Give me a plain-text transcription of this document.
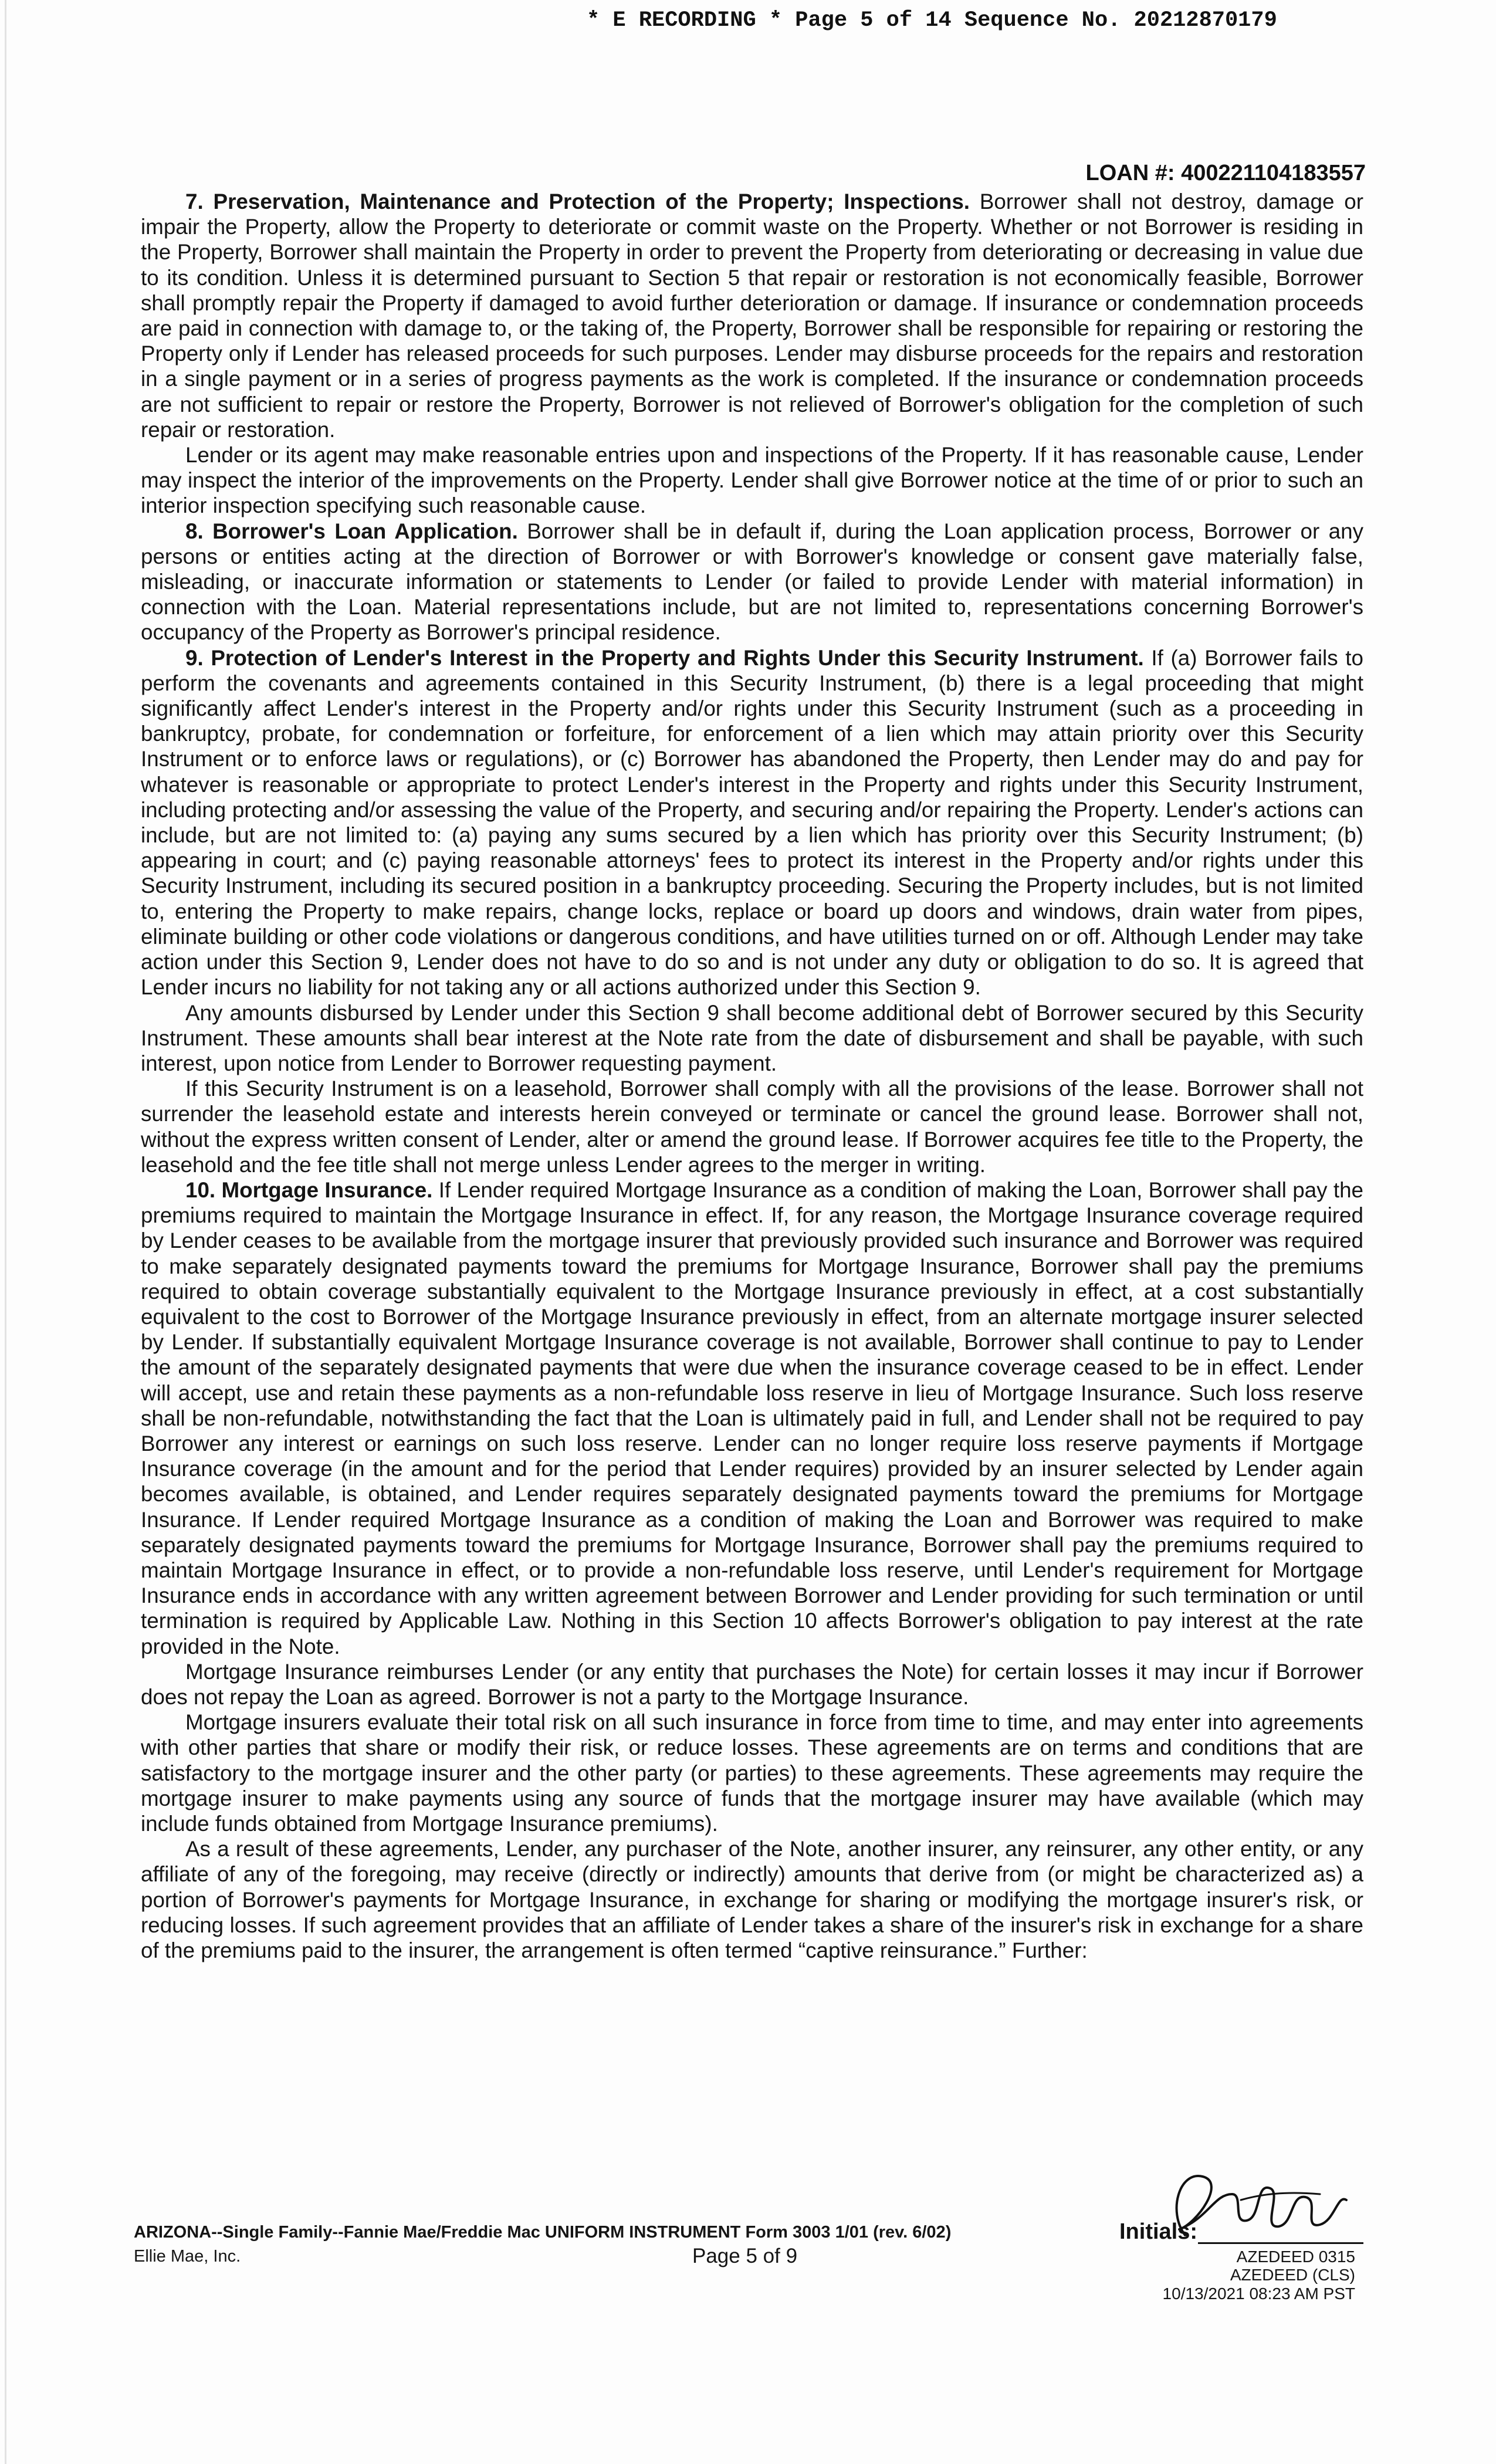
* E RECORDING * Page 5 of 14 Sequence No. 20212870179
LOAN #: 400221104183557

7. Preservation, Maintenance and Protection of the Property; Inspections. Borrower shall not destroy, damage or impair the Property, allow the Property to deteriorate or commit waste on the Property. Whether or not Borrower is residing in the Property, Borrower shall maintain the Property in order to prevent the Property from deteriorating or decreasing in value due to its condition. Unless it is determined pursuant to Section 5 that repair or restoration is not economically feasible, Borrower shall promptly repair the Property if damaged to avoid further deterioration or damage. If insurance or condemnation proceeds are paid in connection with damage to, or the taking of, the Property, Borrower shall be responsible for repairing or restoring the Property only if Lender has released proceeds for such purposes. Lender may disburse proceeds for the repairs and restoration in a single payment or in a series of progress payments as the work is completed. If the insurance or condemnation proceeds are not sufficient to repair or restore the Property, Borrower is not relieved of Borrower's obligation for the completion of such repair or restoration.

Lender or its agent may make reasonable entries upon and inspections of the Property. If it has reasonable cause, Lender may inspect the interior of the improvements on the Property. Lender shall give Borrower notice at the time of or prior to such an interior inspection specifying such reasonable cause.

8. Borrower's Loan Application. Borrower shall be in default if, during the Loan application process, Borrower or any persons or entities acting at the direction of Borrower or with Borrower's knowledge or consent gave materially false, misleading, or inaccurate information or statements to Lender (or failed to provide Lender with material information) in connection with the Loan. Material representations include, but are not limited to, representations concerning Borrower's occupancy of the Property as Borrower's principal residence.

9. Protection of Lender's Interest in the Property and Rights Under this Security Instrument. If (a) Borrower fails to perform the covenants and agreements contained in this Security Instrument, (b) there is a legal proceeding that might significantly affect Lender's interest in the Property and/or rights under this Security Instrument (such as a proceeding in bankruptcy, probate, for condemnation or forfeiture, for enforcement of a lien which may attain priority over this Security Instrument or to enforce laws or regulations), or (c) Borrower has abandoned the Property, then Lender may do and pay for whatever is reasonable or appropriate to protect Lender's interest in the Property and rights under this Security Instrument, including protecting and/or assessing the value of the Property, and securing and/or repairing the Property. Lender's actions can include, but are not limited to: (a) paying any sums secured by a lien which has priority over this Security Instrument; (b) appearing in court; and (c) paying reasonable attorneys' fees to protect its interest in the Property and/or rights under this Security Instrument, including its secured position in a bankruptcy proceeding. Securing the Property includes, but is not limited to, entering the Property to make repairs, change locks, replace or board up doors and windows, drain water from pipes, eliminate building or other code violations or dangerous conditions, and have utilities turned on or off. Although Lender may take action under this Section 9, Lender does not have to do so and is not under any duty or obligation to do so. It is agreed that Lender incurs no liability for not taking any or all actions authorized under this Section 9.

Any amounts disbursed by Lender under this Section 9 shall become additional debt of Borrower secured by this Security Instrument. These amounts shall bear interest at the Note rate from the date of disbursement and shall be payable, with such interest, upon notice from Lender to Borrower requesting payment.

If this Security Instrument is on a leasehold, Borrower shall comply with all the provisions of the lease. Borrower shall not surrender the leasehold estate and interests herein conveyed or terminate or cancel the ground lease. Borrower shall not, without the express written consent of Lender, alter or amend the ground lease. If Borrower acquires fee title to the Property, the leasehold and the fee title shall not merge unless Lender agrees to the merger in writing.

10. Mortgage Insurance. If Lender required Mortgage Insurance as a condition of making the Loan, Borrower shall pay the premiums required to maintain the Mortgage Insurance in effect. If, for any reason, the Mortgage Insurance coverage required by Lender ceases to be available from the mortgage insurer that previously provided such insurance and Borrower was required to make separately designated payments toward the premiums for Mortgage Insurance, Borrower shall pay the premiums required to obtain coverage substantially equivalent to the Mortgage Insurance previously in effect, at a cost substantially equivalent to the cost to Borrower of the Mortgage Insurance previously in effect, from an alternate mortgage insurer selected by Lender. If substantially equivalent Mortgage Insurance coverage is not available, Borrower shall continue to pay to Lender the amount of the separately designated payments that were due when the insurance coverage ceased to be in effect. Lender will accept, use and retain these payments as a non-refundable loss reserve in lieu of Mortgage Insurance. Such loss reserve shall be non-refundable, notwithstanding the fact that the Loan is ultimately paid in full, and Lender shall not be required to pay Borrower any interest or earnings on such loss reserve. Lender can no longer require loss reserve payments if Mortgage Insurance coverage (in the amount and for the period that Lender requires) provided by an insurer selected by Lender again becomes available, is obtained, and Lender requires separately designated payments toward the premiums for Mortgage Insurance. If Lender required Mortgage Insurance as a condition of making the Loan and Borrower was required to make separately designated payments toward the premiums for Mortgage Insurance, Borrower shall pay the premiums required to maintain Mortgage Insurance in effect, or to provide a non-refundable loss reserve, until Lender's requirement for Mortgage Insurance ends in accordance with any written agreement between Borrower and Lender providing for such termination or until termination is required by Applicable Law. Nothing in this Section 10 affects Borrower's obligation to pay interest at the rate provided in the Note.

Mortgage Insurance reimburses Lender (or any entity that purchases the Note) for certain losses it may incur if Borrower does not repay the Loan as agreed. Borrower is not a party to the Mortgage Insurance.

Mortgage insurers evaluate their total risk on all such insurance in force from time to time, and may enter into agreements with other parties that share or modify their risk, or reduce losses. These agreements are on terms and conditions that are satisfactory to the mortgage insurer and the other party (or parties) to these agreements. These agreements may require the mortgage insurer to make payments using any source of funds that the mortgage insurer may have available (which may include funds obtained from Mortgage Insurance premiums).

As a result of these agreements, Lender, any purchaser of the Note, another insurer, any reinsurer, any other entity, or any affiliate of any of the foregoing, may receive (directly or indirectly) amounts that derive from (or might be characterized as) a portion of Borrower's payments for Mortgage Insurance, in exchange for sharing or modifying the mortgage insurer's risk, or reducing losses. If such agreement provides that an affiliate of Lender takes a share of the insurer's risk in exchange for a share of the premiums paid to the insurer, the arrangement is often termed “captive reinsurance.” Further:

ARIZONA--Single Family--Fannie Mae/Freddie Mac UNIFORM INSTRUMENT Form 3003 1/01 (rev. 6/02)
Ellie Mae, Inc.	Page 5 of 9
Initials:
AZEDEED 0315
AZEDEED (CLS)
10/13/2021 08:23 AM PST
